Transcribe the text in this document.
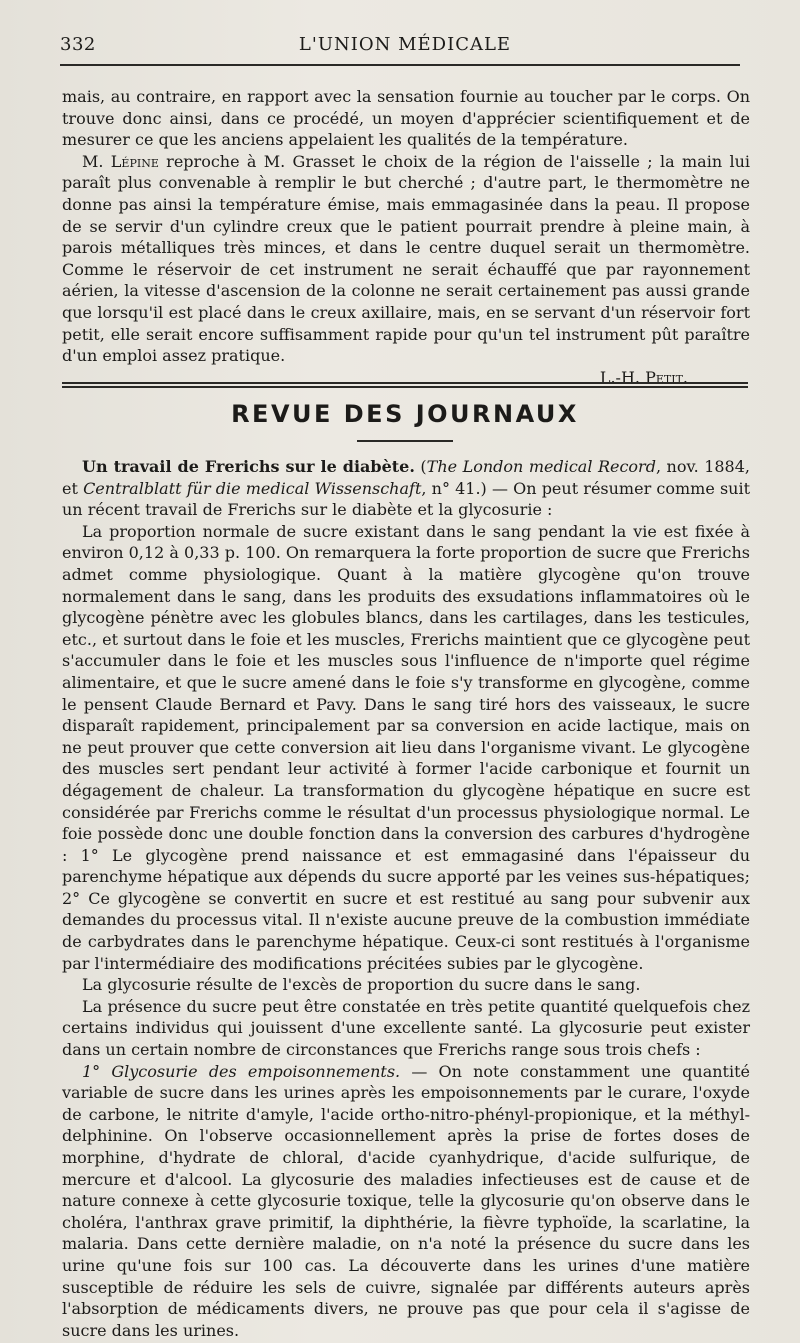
332	L'UNION MÉDICALE

mais, au contraire, en rapport avec la sensation fournie au toucher par le corps. On trouve donc ainsi, dans ce procédé, un moyen d'apprécier scientifiquement et de mesurer ce que les anciens appelaient les qualités de la température.

M. Lépine reproche à M. Grasset le choix de la région de l'aisselle ; la main lui paraît plus convenable à remplir le but cherché ; d'autre part, le thermomètre ne donne pas ainsi la température émise, mais emmagasinée dans la peau. Il propose de se servir d'un cylindre creux que le patient pourrait prendre à pleine main, à parois métalliques très minces, et dans le centre duquel serait un thermomètre. Comme le réservoir de cet instrument ne serait échauffé que par rayonnement aérien, la vitesse d'ascension de la colonne ne serait certainement pas aussi grande que lorsqu'il est placé dans le creux axillaire, mais, en se servant d'un réservoir fort petit, elle serait encore suffisamment rapide pour qu'un tel instrument pût paraître d'un emploi assez pratique.

L.-H. Petit.
REVUE DES JOURNAUX

Un travail de Frerichs sur le diabète. (The London medical Record, nov. 1884, et Centralblatt für die medical Wissenschaft, n° 41.) — On peut résumer comme suit un récent travail de Frerichs sur le diabète et la glycosurie :

La proportion normale de sucre existant dans le sang pendant la vie est fixée à environ 0,12 à 0,33 p. 100. On remarquera la forte proportion de sucre que Frerichs admet comme physiologique. Quant à la matière glycogène qu'on trouve normalement dans le sang, dans les produits des exsudations inflammatoires où le glycogène pénètre avec les globules blancs, dans les cartilages, dans les testicules, etc., et surtout dans le foie et les muscles, Frerichs maintient que ce glycogène peut s'accumuler dans le foie et les muscles sous l'influence de n'importe quel régime alimentaire, et que le sucre amené dans le foie s'y transforme en glycogène, comme le pensent Claude Bernard et Pavy. Dans le sang tiré hors des vaisseaux, le sucre disparaît rapidement, principalement par sa conversion en acide lactique, mais on ne peut prouver que cette conversion ait lieu dans l'organisme vivant. Le glycogène des muscles sert pendant leur activité à former l'acide carbonique et fournit un dégagement de chaleur. La transformation du glycogène hépatique en sucre est considérée par Frerichs comme le résultat d'un processus physiologique normal. Le foie possède donc une double fonction dans la conversion des carbures d'hydrogène : 1° Le glycogène prend naissance et est emmagasiné dans l'épaisseur du parenchyme hépatique aux dépends du sucre apporté par les veines sus-hépatiques; 2° Ce glycogène se convertit en sucre et est restitué au sang pour subvenir aux demandes du processus vital. Il n'existe aucune preuve de la combustion immédiate de carbydrates dans le parenchyme hépatique. Ceux-ci sont restitués à l'organisme par l'intermédiaire des modifications précitées subies par le glycogène.

La glycosurie résulte de l'excès de proportion du sucre dans le sang.

La présence du sucre peut être constatée en très petite quantité quelquefois chez certains individus qui jouissent d'une excellente santé. La glycosurie peut exister dans un certain nombre de circonstances que Frerichs range sous trois chefs :

1° Glycosurie des empoisonnements. — On note constamment une quantité variable de sucre dans les urines après les empoisonnements par le curare, l'oxyde de carbone, le nitrite d'amyle, l'acide ortho-nitro-phényl-propionique, et la méthyl-delphinine. On l'observe occasionnellement après la prise de fortes doses de morphine, d'hydrate de chloral, d'acide cyanhydrique, d'acide sulfurique, de mercure et d'alcool. La glycosurie des maladies infectieuses est de cause et de nature connexe à cette glycosurie toxique, telle la glycosurie qu'on observe dans le choléra, l'anthrax grave primitif, la diphthérie, la fièvre typhoïde, la scarlatine, la malaria. Dans cette dernière maladie, on n'a noté la présence du sucre dans les urine qu'une fois sur 100 cas. La découverte dans les urines d'une matière susceptible de réduire les sels de cuivre, signalée par différents auteurs après l'absorption de médicaments divers, ne prouve pas que pour cela il s'agisse de sucre dans les urines.
